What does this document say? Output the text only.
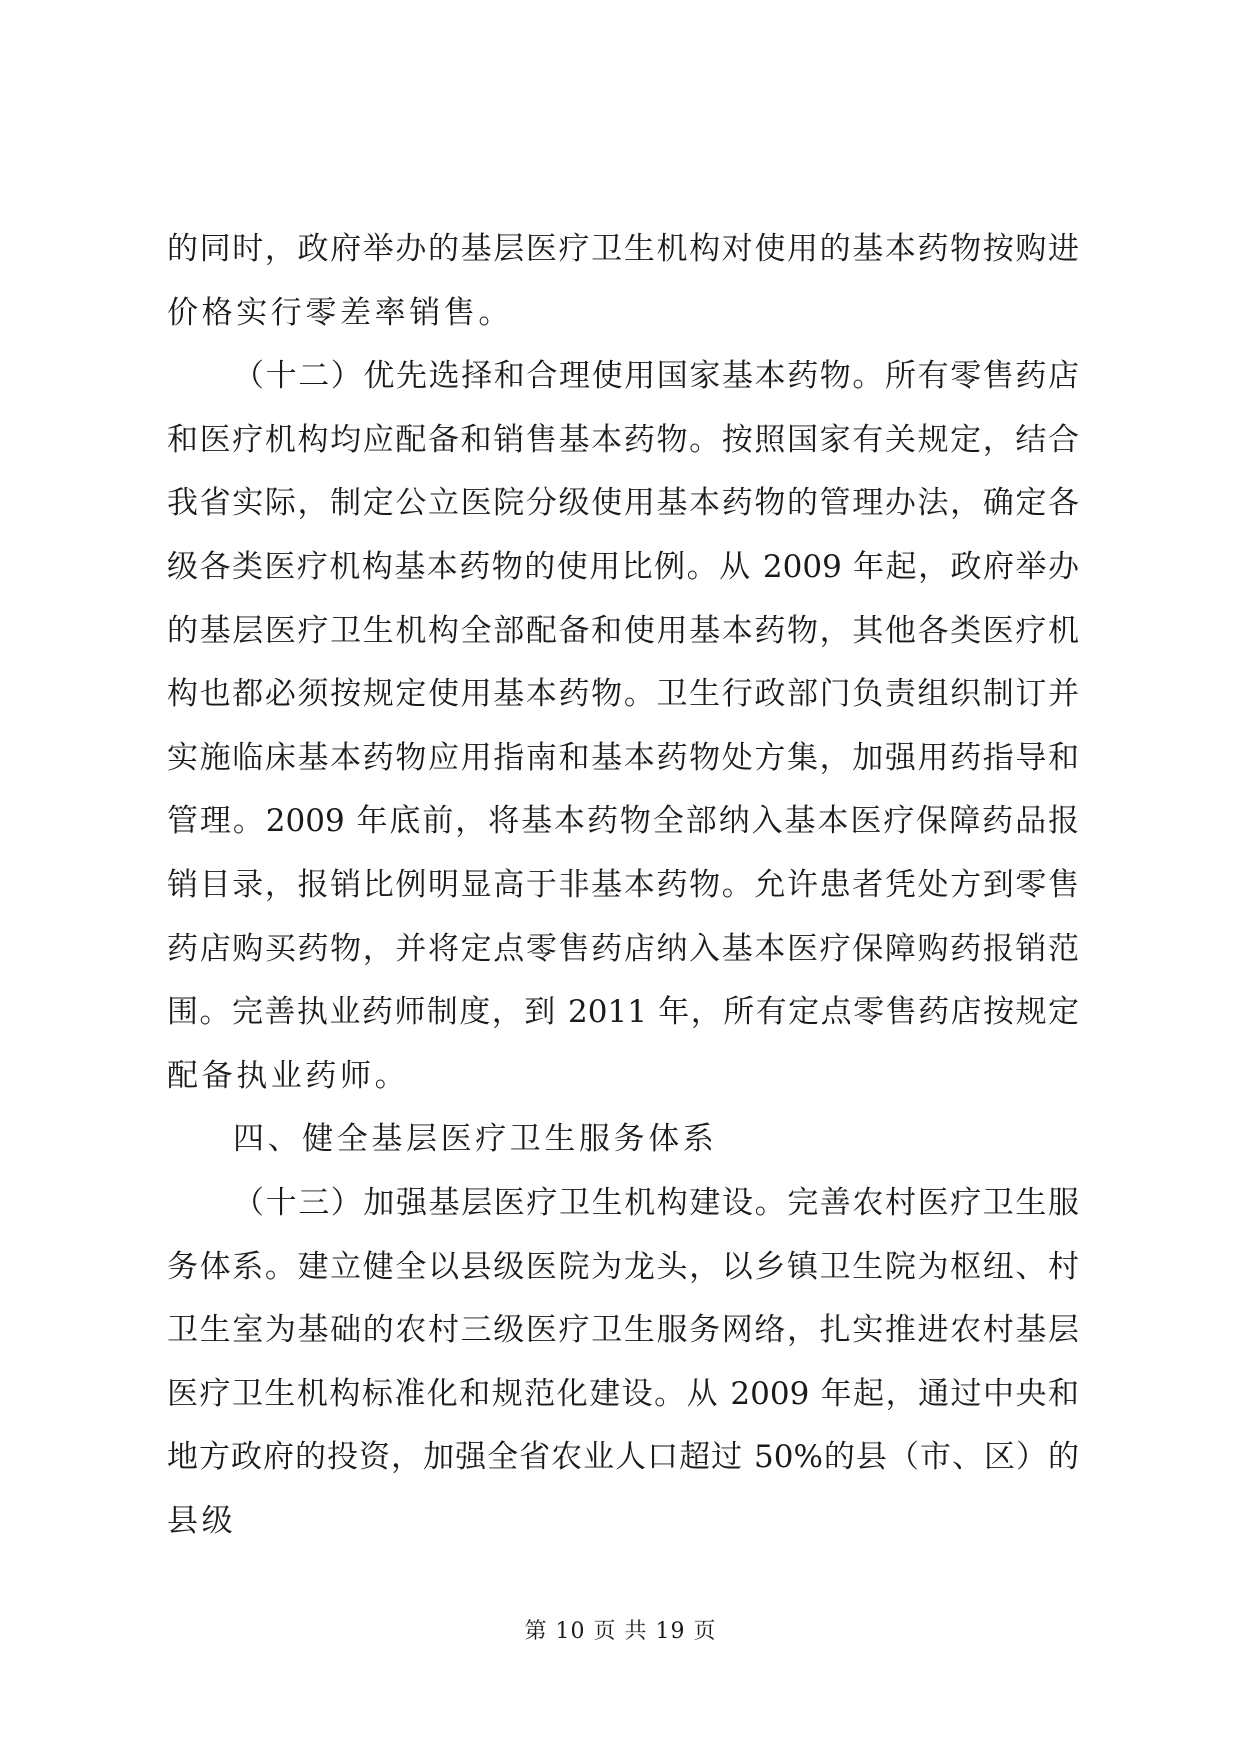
的同时，政府举办的基层医疗卫生机构对使用的基本药物按购进
价格实行零差率销售。
（十二）优先选择和合理使用国家基本药物。所有零售药店
和医疗机构均应配备和销售基本药物。按照国家有关规定，结合
我省实际，制定公立医院分级使用基本药物的管理办法，确定各
级各类医疗机构基本药物的使用比例。从 2009 年起，政府举办
的基层医疗卫生机构全部配备和使用基本药物，其他各类医疗机
构也都必须按规定使用基本药物。卫生行政部门负责组织制订并
实施临床基本药物应用指南和基本药物处方集，加强用药指导和
管理。2009 年底前，将基本药物全部纳入基本医疗保障药品报
销目录，报销比例明显高于非基本药物。允许患者凭处方到零售
药店购买药物，并将定点零售药店纳入基本医疗保障购药报销范
围。完善执业药师制度，到 2011 年，所有定点零售药店按规定
配备执业药师。
四、健全基层医疗卫生服务体系
（十三）加强基层医疗卫生机构建设。完善农村医疗卫生服
务体系。建立健全以县级医院为龙头，以乡镇卫生院为枢纽、村
卫生室为基础的农村三级医疗卫生服务网络，扎实推进农村基层
医疗卫生机构标准化和规范化建设。从 2009 年起，通过中央和
地方政府的投资，加强全省农业人口超过 50%的县（市、区）的
县级
第 10 页 共 19 页
